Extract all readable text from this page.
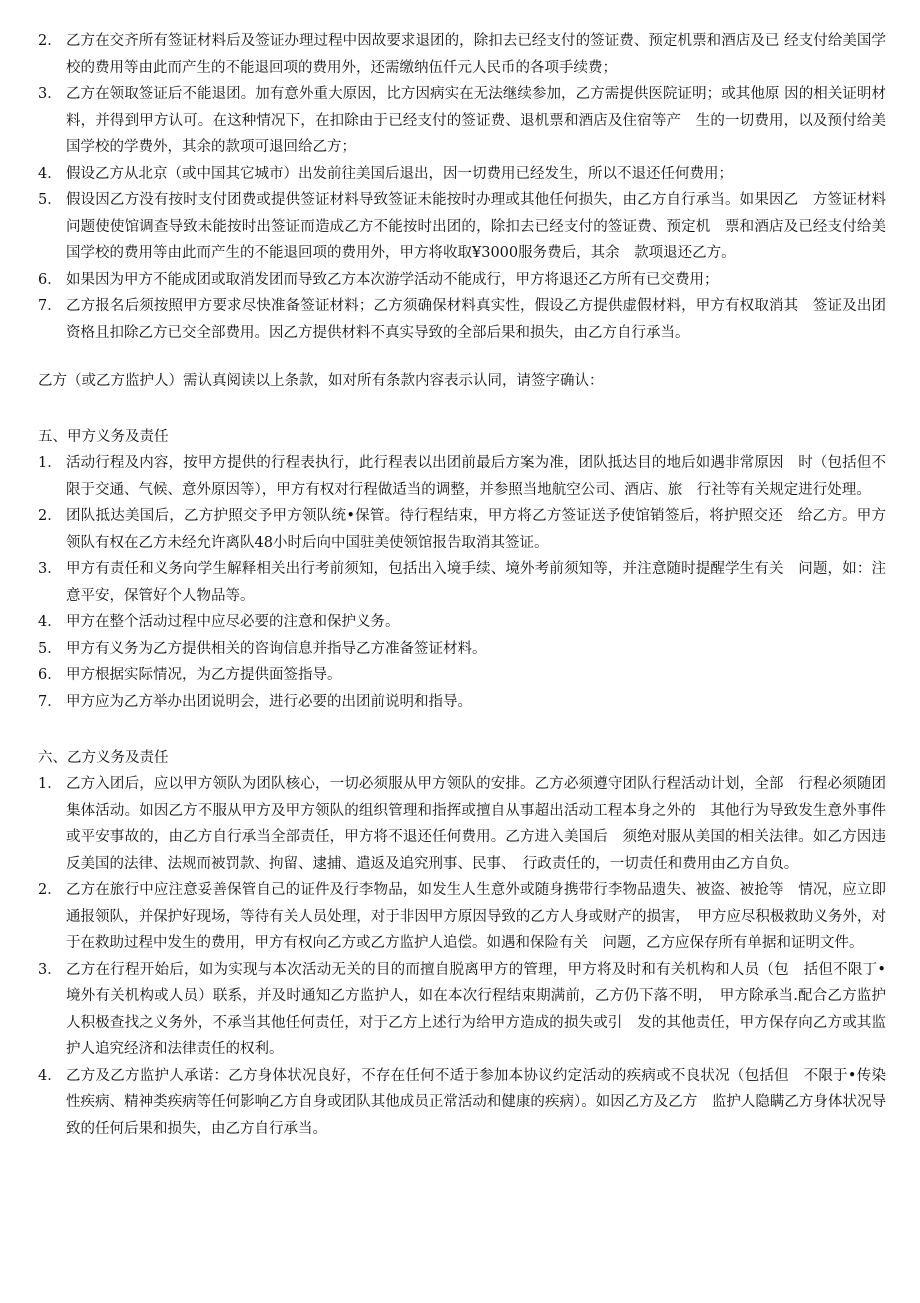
2． 乙方在交齐所有签证材料后及签证办理过程中因故要求退团的，除扣去已经支付的签证费、预定机票和酒店及已 经支付给美国学校的费用等由此而产生的不能退回项的费用外，还需缴纳伍仟元人民币的各项手续费；
3． 乙方在领取签证后不能退团。加有意外重大原因，比方因病实在无法继续参加，乙方需提供医院证明；或其他原 因的相关证明材料，并得到甲方认可。在这种情况下，在扣除由于已经支付的签证费、退机票和酒店及住宿等产　生的一切费用，以及预付给美国学校的学费外，其余的款项可退回给乙方；
4． 假设乙方从北京（或中国其它城市）出发前往美国后退出，因一切费用已经发生，所以不退还任何费用；
5． 假设因乙方没有按时支付团费或提供签证材料导致签证未能按时办理或其他任何损失，由乙方自行承当。如果因乙　方签证材料问题使使馆调查导致未能按时出签证而造成乙方不能按时出团的，除扣去已经支付的签证费、预定机　票和酒店及已经支付给美国学校的费用等由此而产生的不能退回项的费用外，甲方将收取¥3000服务费后，其余　款项退还乙方。
6． 如果因为甲方不能成团或取消发团而导致乙方本次游学活动不能成行，甲方将退还乙方所有已交费用；
7． 乙方报名后须按照甲方要求尽快准备签证材料；乙方须确保材料真实性，假设乙方提供虚假材料，甲方有权取消其　签证及出团资格且扣除乙方已交全部费用。因乙方提供材料不真实导致的全部后果和损失，由乙方自行承当。
乙方（或乙方监护人）需认真阅读以上条款，如对所有条款内容表示认同，请签字确认：
五、甲方义务及责任
1． 活动行程及内容，按甲方提供的行程表执行，此行程表以出团前最后方案为准，团队抵达目的地后如遇非常原因　时（包括但不限于交通、气候、意外原因等），甲方有权对行程做适当的调整，并参照当地航空公司、酒店、旅　行社等有关规定进行处理。
2． 团队抵达美国后，乙方护照交予甲方领队统•保管。待行程结束，甲方将乙方签证送予使馆销签后，将护照交还　给乙方。甲方领队有权在乙方未经允许离队48小时后向中国驻美使领馆报告取消其签证。
3． 甲方有责任和义务向学生解释相关出行考前须知，包括出入境手续、境外考前须知等，并注意随时提醒学生有关　问题，如：注意平安，保管好个人物品等。
4． 甲方在整个活动过程中应尽必要的注意和保护义务。
5． 甲方有义务为乙方提供相关的咨询信息并指导乙方准备签证材料。
6． 甲方根据实际情况，为乙方提供面签指导。
7． 甲方应为乙方举办出团说明会，进行必要的出团前说明和指导。
六、乙方义务及责任
1． 乙方入团后，应以甲方领队为团队核心，一切必须服从甲方领队的安排。乙方必须遵守团队行程活动计划，全部　行程必须随团集体活动。如因乙方不服从甲方及甲方领队的组织管理和指挥或擅自从事超出活动工程本身之外的　其他行为导致发生意外事件或平安事故的，由乙方自行承当全部责任，甲方将不退还任何费用。乙方进入美国后　须绝对服从美国的相关法律。如乙方因违反美国的法律、法规而被罚款、拘留、逮捕、遣返及追究刑事、民事、　行政责任的，一切责任和费用由乙方自负。
2． 乙方在旅行中应注意妥善保管自己的证件及行李物品，如发生人生意外或随身携带行李物品遗失、被盗、被抢等　情况，应立即通报领队，并保护好现场，等待有关人员处理，对于非因甲方原因导致的乙方人身或财产的损害，　甲方应尽积极救助义务外，对于在救助过程中发生的费用，甲方有权向乙方或乙方监护人追偿。如遇和保险有关　问题，乙方应保存所有单据和证明文件。
3． 乙方在行程开始后，如为实现与本次活动无关的目的而擅自脱离甲方的管理，甲方将及时和有关机构和人员（包　括但不限丁•境外有关机构或人员）联系，并及时通知乙方监护人，如在本次行程结束期满前，乙方仍下落不明，　甲方除承当.配合乙方监护人积极查找之义务外，不承当其他任何责任，对于乙方上述行为给甲方造成的损失或引　发的其他责任，甲方保存向乙方或其监护人追究经济和法律责任的权利。
4． 乙方及乙方监护人承诺：乙方身体状况良好，不存在任何不适于参加本协议约定活动的疾病或不良状况（包括但　不限于•传染性疾病、精神类疾病等任何影响乙方自身或团队其他成员正常活动和健康的疾病）。如因乙方及乙方　监护人隐瞒乙方身体状况导致的任何后果和损失，由乙方自行承当。
